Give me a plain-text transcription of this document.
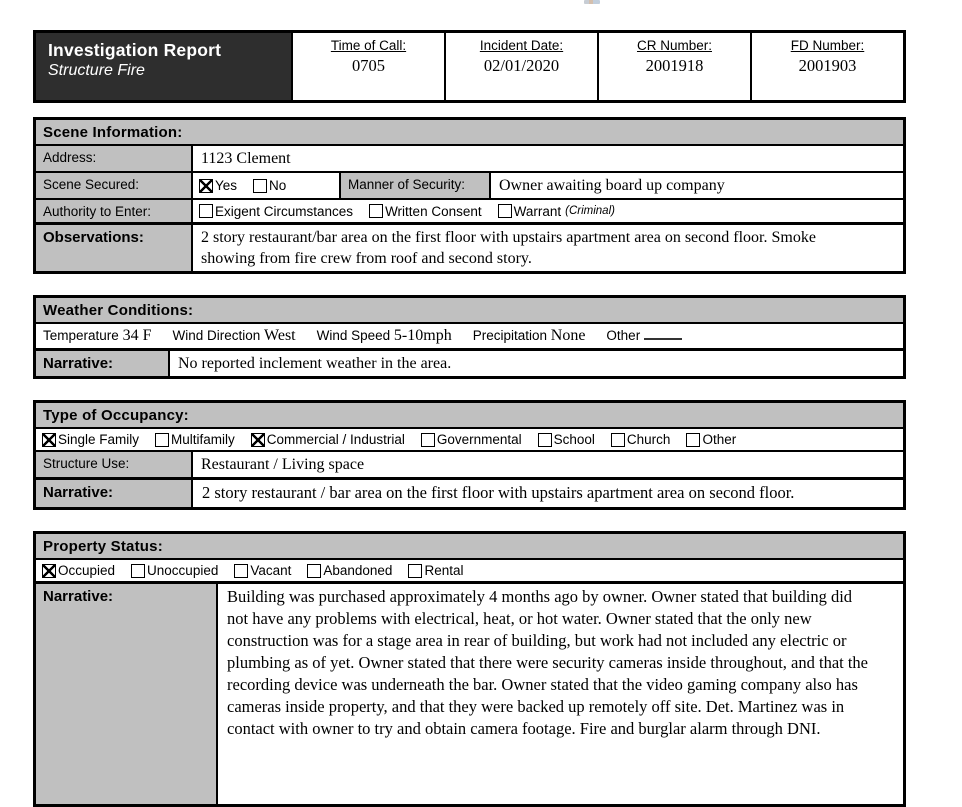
Investigation Report
Structure Fire
Time of Call:
0705
Incident Date:
02/01/2020
CR Number:
2001918
FD Number:
2001903
Scene Information:
Address:	1123 Clement
Scene Secured:	Yes No	Manner of Security:	Owner awaiting board up company
Authority to Enter:	Exigent Circumstances Written Consent Warrant (Criminal)
Observations:	2 story restaurant/bar area on the first floor with upstairs apartment area on second floor. Smoke showing from fire crew from roof and second story.
Weather Conditions:
Temperature 34 F Wind Direction West Wind Speed 5-10mph Precipitation None Other
Narrative:	No reported inclement weather in the area.
Type of Occupancy:
Single Family Multifamily Commercial / Industrial Governmental School Church Other
Structure Use:	Restaurant / Living space
Narrative:	2 story restaurant / bar area on the first floor with upstairs apartment area on second floor.
Property Status:
Occupied Unoccupied Vacant Abandoned Rental
Narrative:	Building was purchased approximately 4 months ago by owner. Owner stated that building did not have any problems with electrical, heat, or hot water. Owner stated that the only new construction was for a stage area in rear of building, but work had not included any electric or plumbing as of yet. Owner stated that there were security cameras inside throughout, and that the recording device was underneath the bar. Owner stated that the video gaming company also has cameras inside property, and that they were backed up remotely off site. Det. Martinez was in contact with owner to try and obtain camera footage. Fire and burglar alarm through DNI.
